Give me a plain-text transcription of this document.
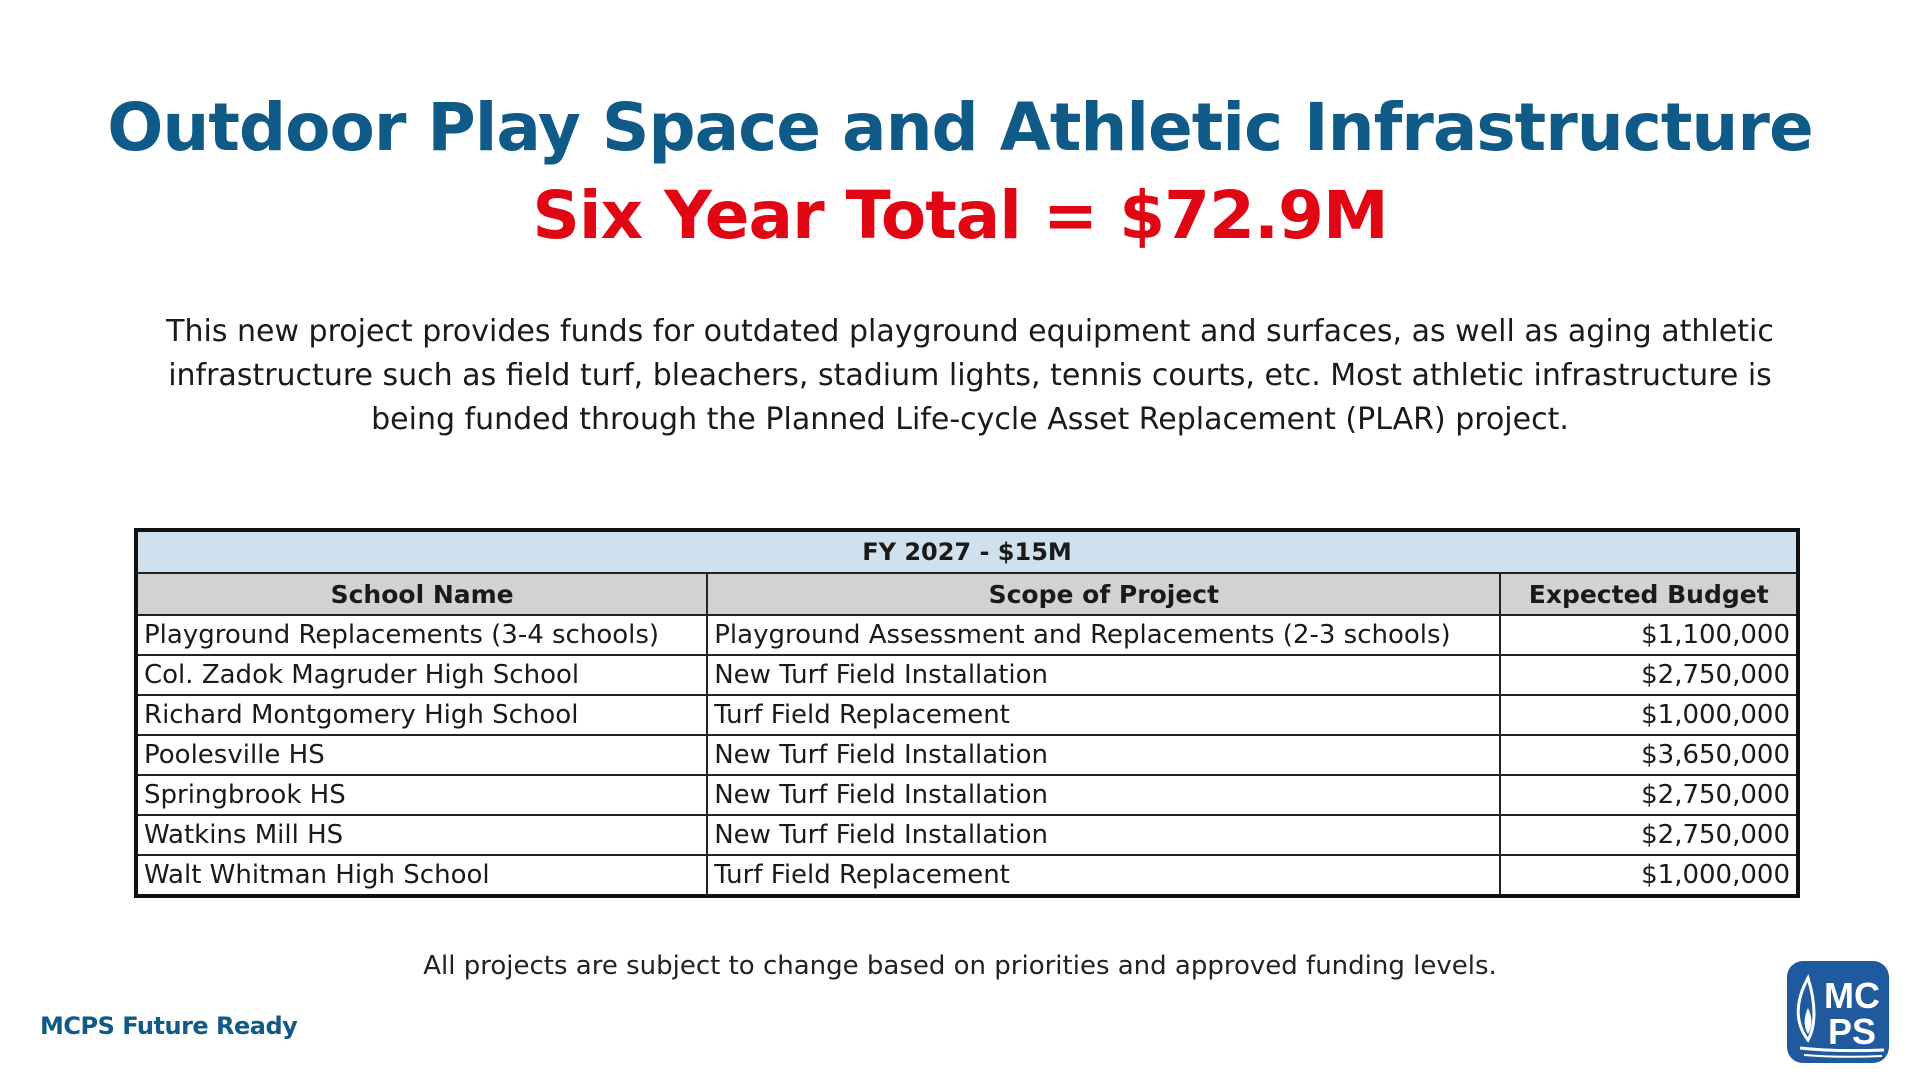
Outdoor Play Space and Athletic Infrastructure
Six Year Total = $72.9M
This new project provides funds for outdated playground equipment and surfaces, as well as aging athletic infrastructure such as field turf, bleachers, stadium lights, tennis courts, etc. Most athletic infrastructure is being funded through the Planned Life-cycle Asset Replacement (PLAR) project.
FY 2027 - $15M		
School Name	Scope of Project	Expected Budget
Playground Replacements (3-4 schools)	Playground Assessment and Replacements (2-3 schools)	$1,100,000
Col. Zadok Magruder High School	New Turf Field Installation	$2,750,000
Richard Montgomery High School	Turf Field Replacement	$1,000,000
Poolesville HS	New Turf Field Installation	$3,650,000
Springbrook HS	New Turf Field Installation	$2,750,000
Watkins Mill HS	New Turf Field Installation	$2,750,000
Walt Whitman High School	Turf Field Replacement	$1,000,000
All projects are subject to change based on priorities and approved funding levels.
MCPS Future Ready
MC
PS
